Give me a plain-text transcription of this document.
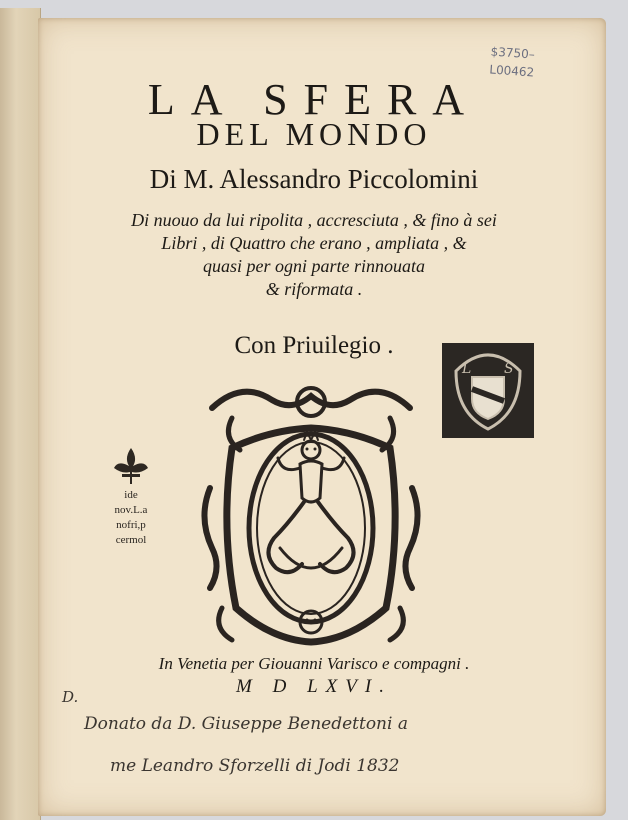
$3750–
L00462
LA SFERA
DEL MONDO
Di M. Alessandro Piccolomini
Di nuouo da lui ripolita , accresciuta , & fino à sei
Libri , di Quattro che erano , ampliata , &
quasi per ogni parte rinnouata
& riformata .
Con Priuilegio .
L S
ide
nov.L.a
nofri,p
cermol
In Venetia per Giouanni Varisco e compagni .
M D LXVI.
D.
Donato da D. Giuseppe Benedettoni a
me Leandro Sforzelli di Jodi 1832
